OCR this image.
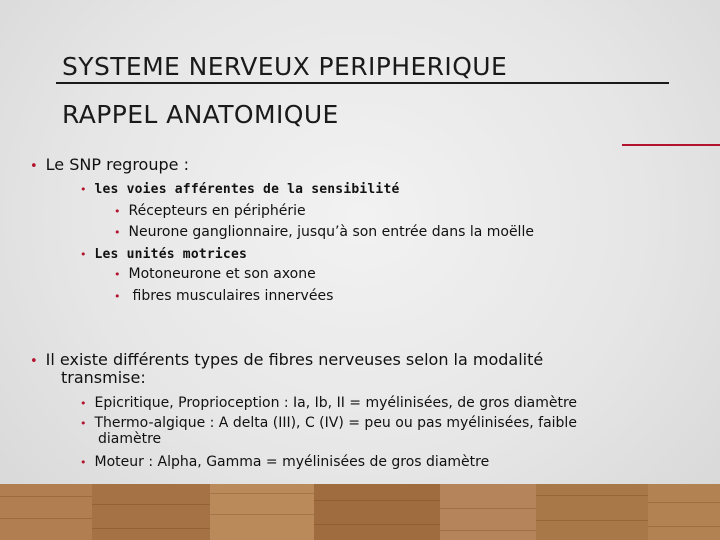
SYSTEME NERVEUX PERIPHERIQUE
RAPPEL ANATOMIQUE
• Le SNP regroupe :
• les voies afférentes de la sensibilité
• Récepteurs en périphérie
• Neurone ganglionnaire, jusqu’à son entrée dans la moëlle
• Les unités motrices
• Motoneurone et son axone
• fibres musculaires innervées
• Il existe différents types de fibres nerveuses selon la modalité
transmise:
• Epicritique, Proprioception : Ia, Ib, II = myélinisées, de gros diamètre
• Thermo-algique : A delta (III), C (IV) = peu ou pas myélinisées, faible
diamètre
• Moteur : Alpha, Gamma = myélinisées de gros diamètre
